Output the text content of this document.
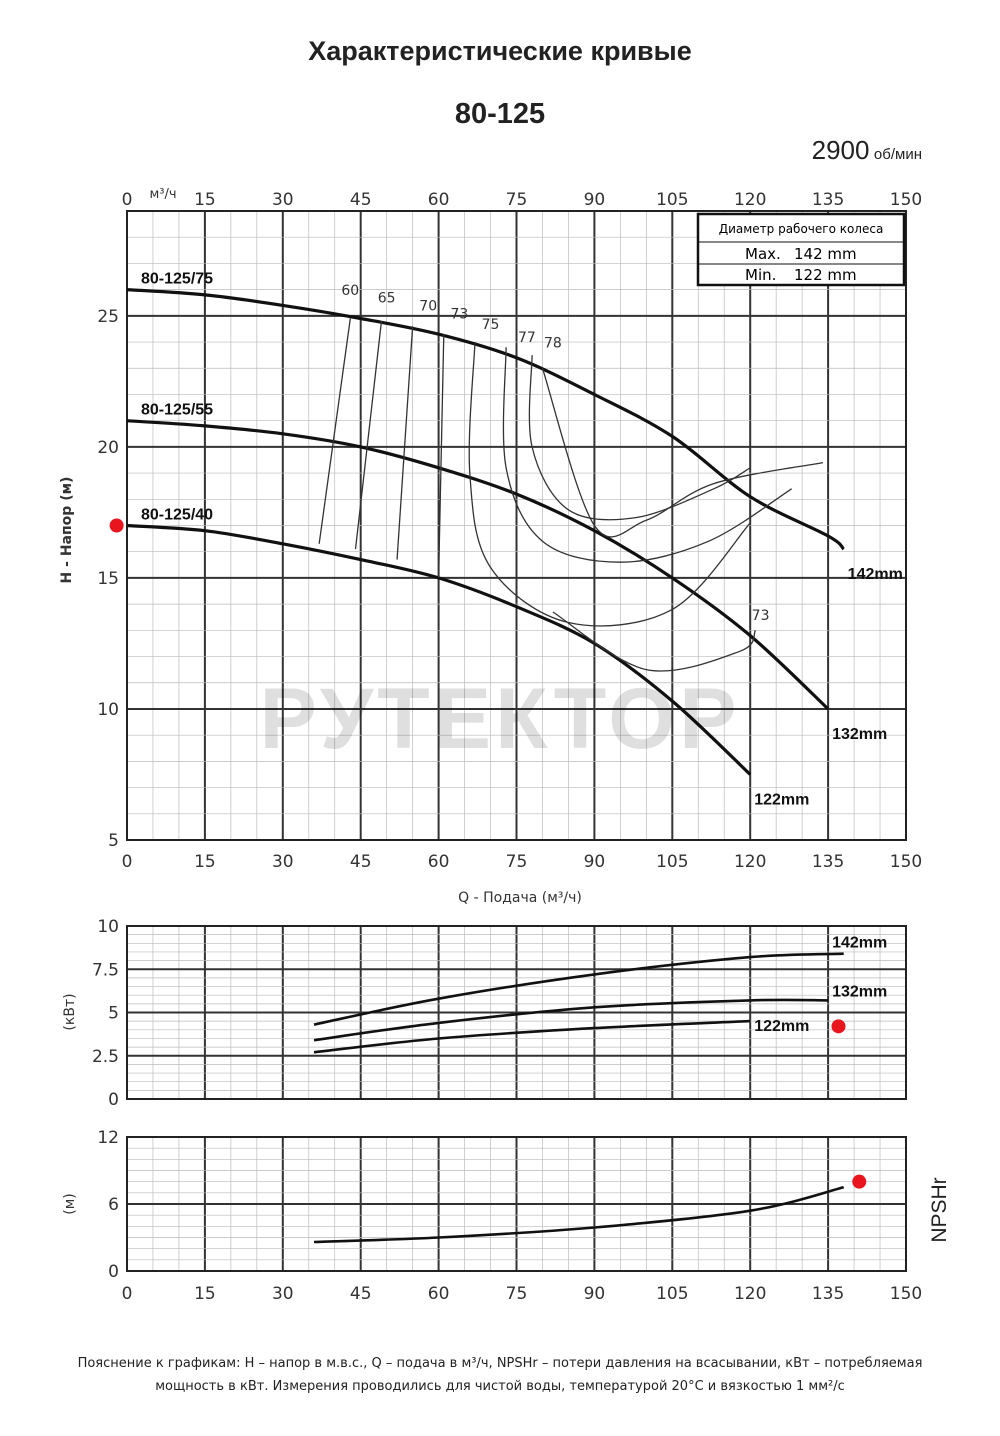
Характеристические кривые
80-125
2900 об/мин
0	15	30	45	60	75	90	105	120	135	150
0	15	30	45	60	75	90	105	120	135	150
5
10
15
20
25
80-125/75
142mm
80-125/55
132mm
80-125/40
122mm
60 65 70 73
75
77 78
73
0
2.5
5
7.5
10
142mm
132mm
122mm
0
6
12
0	15	30	45	60	75	90	105	120	135	150
РУТЕКТОР
Диаметр рабочего колеса
Max. 142 mm
Min. 122 mm
м³/ч
H - Напор (м)
Q - Подача (м³/ч)
(кВт)
(м)	NPSHr
Пояснение к графикам: H – напор в м.в.с., Q – подача в м³/ч, NPSHr – потери давления на всасывании, кВт – потребляемая
мощность в кВт. Измерения проводились для чистой воды, температурой 20°C и вязкостью 1 мм²/с
